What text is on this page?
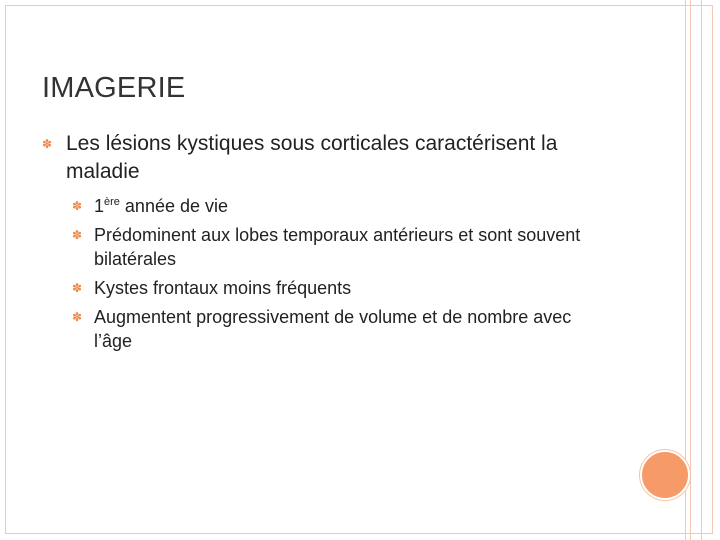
IMAGERIE
✽ Les lésions kystiques sous corticales caractérisent la maladie
✽ 1ère année de vie
✽ Prédominent aux lobes temporaux antérieurs et sont souvent bilatérales
✽ Kystes frontaux moins fréquents
✽ Augmentent progressivement de volume et de nombre avec l’âge
